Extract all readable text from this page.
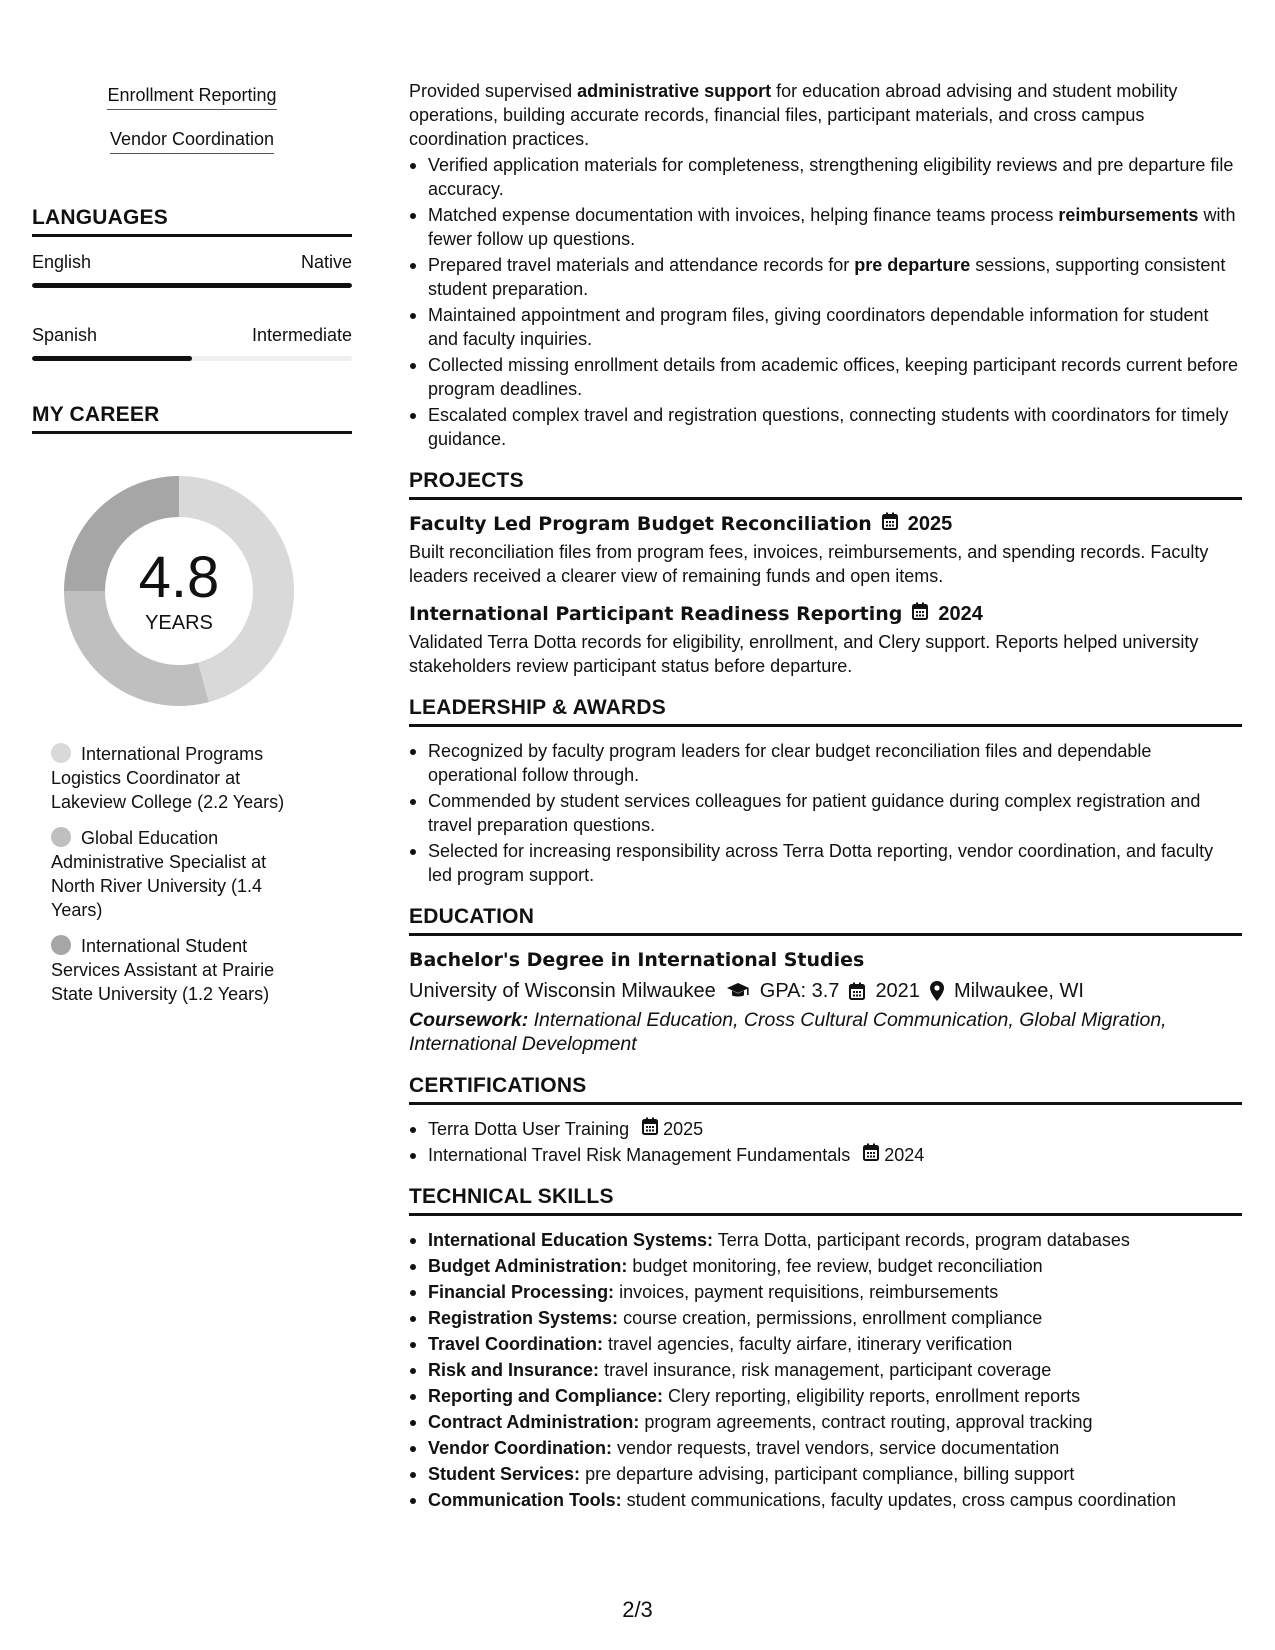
Enrollment Reporting
Vendor Coordination
LANGUAGES
English	Native
Spanish	Intermediate
MY CAREER
4.8
YEARS
International Programs Logistics Coordinator at Lakeview College (2.2 Years)
Global Education Administrative Specialist at North River University (1.4 Years)
International Student Services Assistant at Prairie State University (1.2 Years)

Provided supervised administrative support for education abroad advising and student mobility operations, building accurate records, financial files, participant materials, and cross campus coordination practices.

Verified application materials for completeness, strengthening eligibility reviews and pre departure file accuracy.
Matched expense documentation with invoices, helping finance teams process reimbursements with fewer follow up questions.
Prepared travel materials and attendance records for pre departure sessions, supporting consistent student preparation.
Maintained appointment and program files, giving coordinators dependable information for student and faculty inquiries.
Collected missing enrollment details from academic offices, keeping participant records current before program deadlines.
Escalated complex travel and registration questions, connecting students with coordinators for timely guidance.
PROJECTS
Faculty Led Program Budget Reconciliation 2025

Built reconciliation files from program fees, invoices, reimbursements, and spending records. Faculty leaders received a clearer view of remaining funds and open items.

International Participant Readiness Reporting 2024

Validated Terra Dotta records for eligibility, enrollment, and Clery support. Reports helped university stakeholders review participant status before departure.

LEADERSHIP & AWARDS
Recognized by faculty program leaders for clear budget reconciliation files and dependable operational follow through.
Commended by student services colleagues for patient guidance during complex registration and travel preparation questions.
Selected for increasing responsibility across Terra Dotta reporting, vendor coordination, and faculty led program support.
EDUCATION
Bachelor's Degree in International Studies
University of Wisconsin Milwaukee GPA: 3.7 2021 Milwaukee, WI

Coursework: International Education, Cross Cultural Communication, Global Migration, International Development

CERTIFICATIONS
Terra Dotta User Training 2025
International Travel Risk Management Fundamentals 2024
TECHNICAL SKILLS
International Education Systems: Terra Dotta, participant records, program databases
Budget Administration: budget monitoring, fee review, budget reconciliation
Financial Processing: invoices, payment requisitions, reimbursements
Registration Systems: course creation, permissions, enrollment compliance
Travel Coordination: travel agencies, faculty airfare, itinerary verification
Risk and Insurance: travel insurance, risk management, participant coverage
Reporting and Compliance: Clery reporting, eligibility reports, enrollment reports
Contract Administration: program agreements, contract routing, approval tracking
Vendor Coordination: vendor requests, travel vendors, service documentation
Student Services: pre departure advising, participant compliance, billing support
Communication Tools: student communications, faculty updates, cross campus coordination
2/3
